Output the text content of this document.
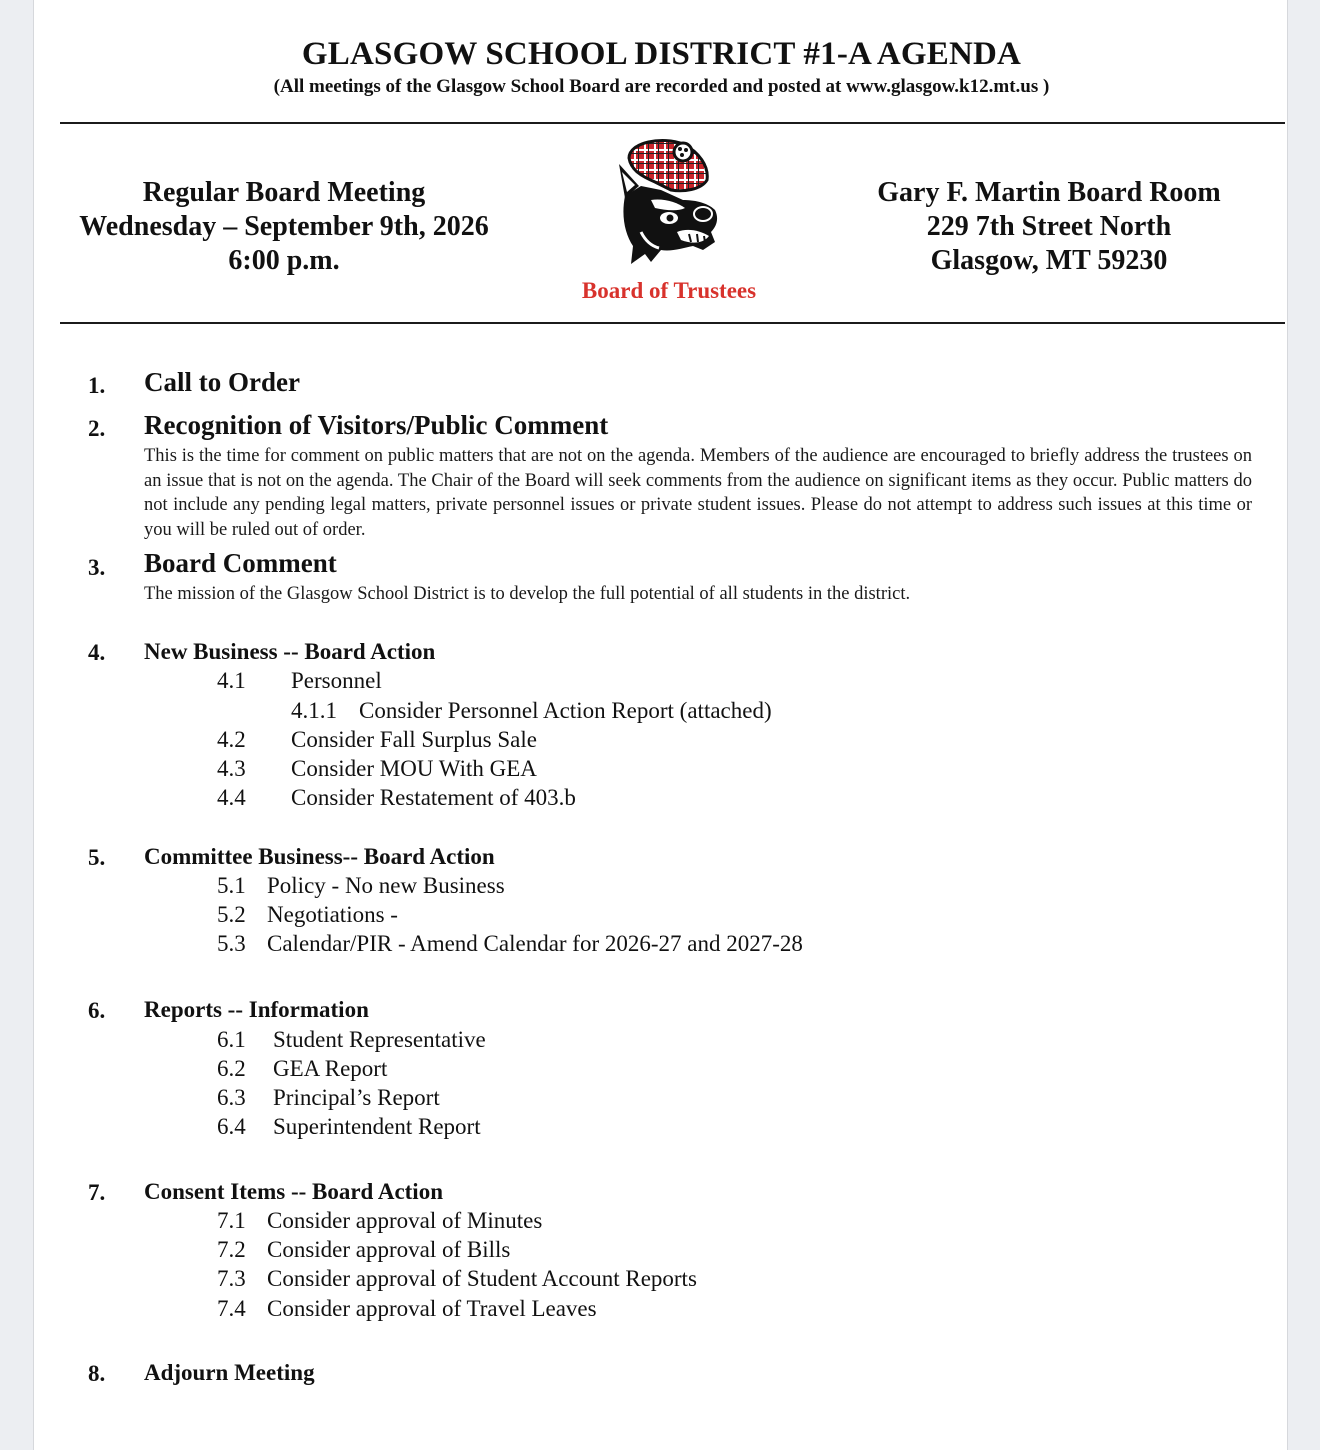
GLASGOW SCHOOL DISTRICT #1-A AGENDA
(All meetings of the Glasgow School Board are recorded and posted at www.glasgow.k12.mt.us )
Regular Board Meeting
Wednesday – September 9th, 2026
6:00 p.m.
Board of Trustees
Gary F. Martin Board Room
229 7th Street North
Glasgow, MT 59230
1. Call to Order
2. Recognition of Visitors/Public Comment
This is the time for comment on public matters that are not on the agenda. Members of the audience are encouraged to briefly address the trustees on an issue that is not on the agenda. The Chair of the Board will seek comments from the audience on significant items as they occur. Public matters do not include any pending legal matters, private personnel issues or private student issues. Please do not attempt to address such issues at this time or you will be ruled out of order.
3. Board Comment
The mission of the Glasgow School District is to develop the full potential of all students in the district.
4. New Business -- Board Action
4.1 Personnel
4.1.1 Consider Personnel Action Report (attached)
4.2 Consider Fall Surplus Sale
4.3 Consider MOU With GEA
4.4 Consider Restatement of 403.b
5. Committee Business-- Board Action
5.1 Policy - No new Business
5.2 Negotiations -
5.3 Calendar/PIR - Amend Calendar for 2026-27 and 2027-28
6. Reports -- Information
6.1 Student Representative
6.2 GEA Report
6.3 Principal’s Report
6.4 Superintendent Report
7. Consent Items -- Board Action
7.1 Consider approval of Minutes
7.2 Consider approval of Bills
7.3 Consider approval of Student Account Reports
7.4 Consider approval of Travel Leaves
8. Adjourn Meeting
